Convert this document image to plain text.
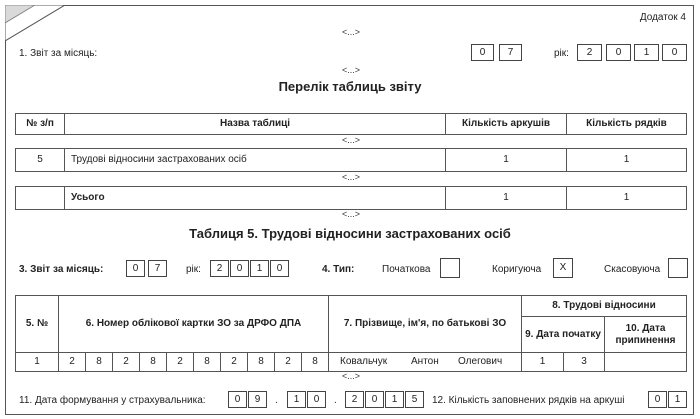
Додаток 4
<...>
1. Звіт за місяць:	0	7	рік:	2	0	1	0
<...>
Перелік таблиць звіту
№ з/п	Назва таблиці	Кількість аркушів	Кількість рядків
<...>
5	Трудові відносини застрахованих осіб	1	1
<...>
Усього	1	1
<...>
Таблиця 5. Трудові відносини застрахованих осіб
3. Звіт за місяць:	0	7	рік:	2	0	1	0	4. Тип:	Початкова	Коригуюча	X	Скасовуюча
5. №	6. Номер облікової картки ЗО за ДРФО ДПА	7. Прізвище, ім'я, по батькові ЗО
8. Трудові відносини
9. Дата початку
10. Дата припинення
1	2	8	2	8	2	8	2	8	2	8	Ковальчук Антон Олегович	1	3
<...>
11. Дата формування у страхувальника:	0	9	.	1	0	.	2	0	1	5	12. Кількість заповнених рядків на аркуші	0	1
